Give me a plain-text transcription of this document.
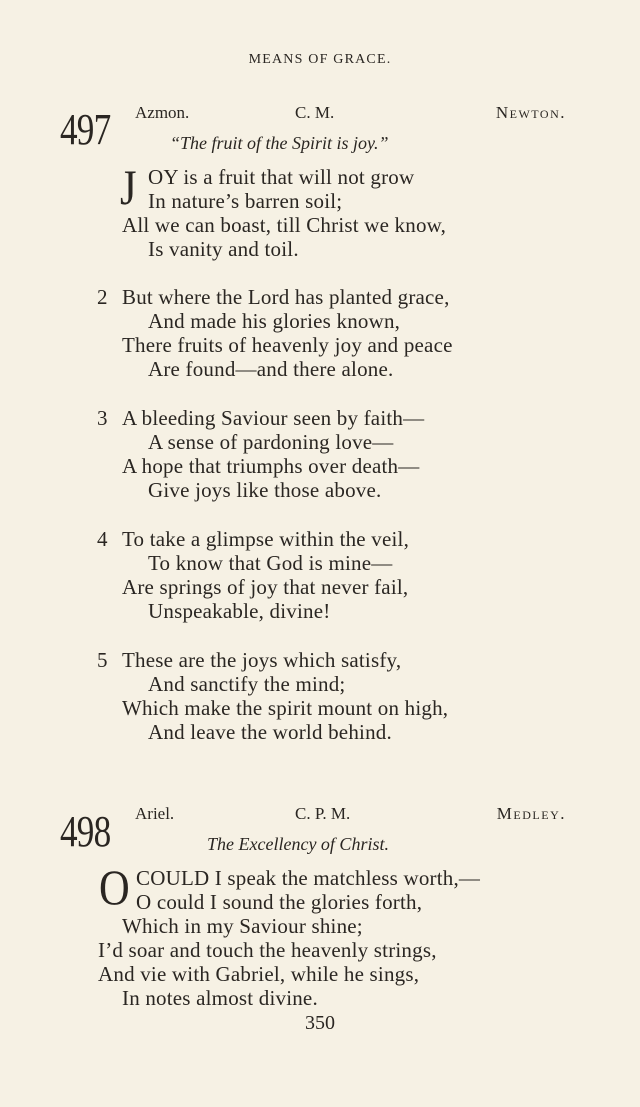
MEANS OF GRACE.
497 Azmon.	C. M.	Newton.
“The fruit of the Spirit is joy.”
J OY is a fruit that will not grow
In nature’s barren soil;
All we can boast, till Christ we know,
Is vanity and toil.
2 But where the Lord has planted grace,
And made his glories known,
There fruits of heavenly joy and peace
Are found—and there alone.
3 A bleeding Saviour seen by faith—
A sense of pardoning love—
A hope that triumphs over death—
Give joys like those above.
4 To take a glimpse within the veil,
To know that God is mine—
Are springs of joy that never fail,
Unspeakable, divine!
5 These are the joys which satisfy,
And sanctify the mind;
Which make the spirit mount on high,
And leave the world behind.
498 Ariel.	C. P. M.	Medley.
The Excellency of Christ.
O COULD I speak the matchless worth,—
O could I sound the glories forth,
Which in my Saviour shine;
I’d soar and touch the heavenly strings,
And vie with Gabriel, while he sings,
In notes almost divine.
350
